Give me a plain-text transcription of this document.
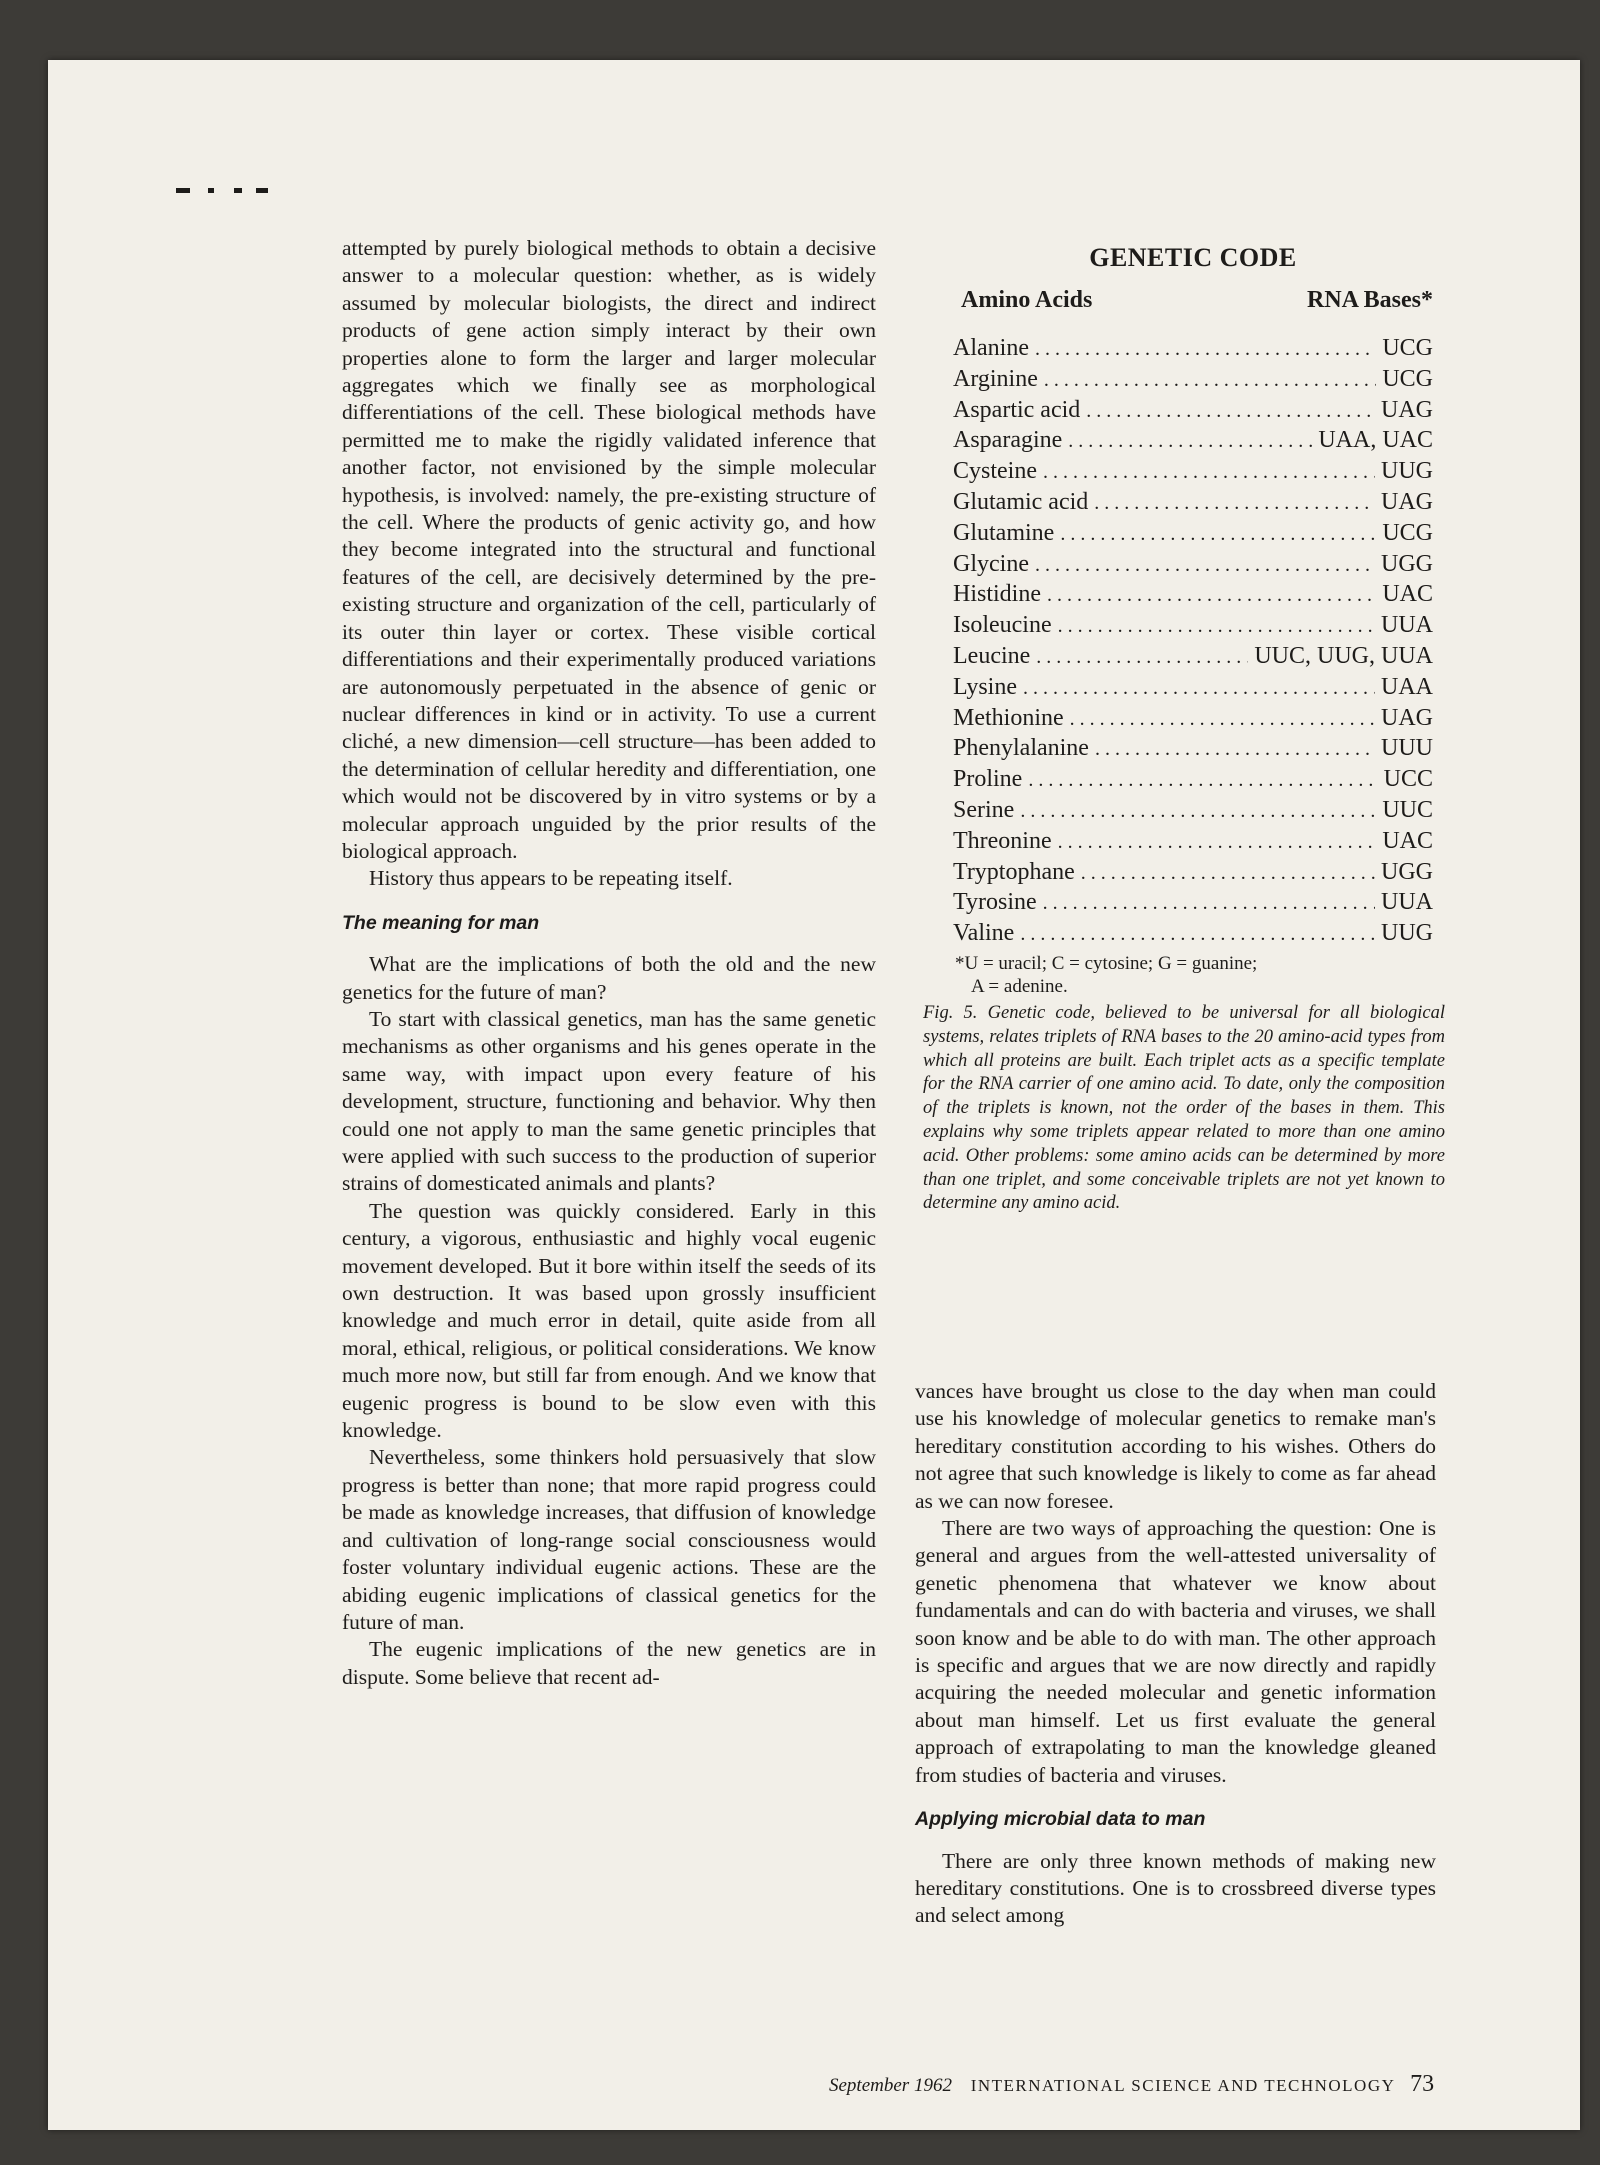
attempted by purely biological methods to obtain a decisive answer to a molecular question: whether, as is widely assumed by molecular biologists, the direct and indirect products of gene action simply interact by their own properties alone to form the larger and larger molecular aggregates which we finally see as morphological differentiations of the cell. These biological methods have permitted me to make the rigidly validated inference that another factor, not envisioned by the simple molecular hypothesis, is involved: namely, the pre-existing structure of the cell. Where the products of genic activity go, and how they become integrated into the structural and functional features of the cell, are decisively determined by the pre-existing structure and organization of the cell, particularly of its outer thin layer or cortex. These visible cortical differentiations and their experimentally produced variations are autonomously perpetuated in the absence of genic or nuclear differences in kind or in activity. To use a current cliché, a new dimension—cell structure—has been added to the determination of cellular heredity and differentiation, one which would not be discovered by in vitro systems or by a molecular approach unguided by the prior results of the biological approach.

History thus appears to be repeating itself.

The meaning for man

What are the implications of both the old and the new genetics for the future of man?

To start with classical genetics, man has the same genetic mechanisms as other organisms and his genes operate in the same way, with impact upon every feature of his development, structure, functioning and behavior. Why then could one not apply to man the same genetic principles that were applied with such success to the production of superior strains of domesticated animals and plants?

The question was quickly considered. Early in this century, a vigorous, enthusiastic and highly vocal eugenic movement developed. But it bore within itself the seeds of its own destruction. It was based upon grossly insufficient knowledge and much error in detail, quite aside from all moral, ethical, religious, or political considerations. We know much more now, but still far from enough. And we know that eugenic progress is bound to be slow even with this knowledge.

Nevertheless, some thinkers hold persuasively that slow progress is better than none; that more rapid progress could be made as knowledge increases, that diffusion of knowledge and cultivation of long-range social consciousness would foster voluntary individual eugenic actions. These are the abiding eugenic implications of classical genetics for the future of man.

The eugenic implications of the new genetics are in dispute. Some believe that recent ad-

GENETIC CODE
Amino Acids	RNA Bases*
Alanine . . .	UCG
Arginine . . .	UCG
Aspartic acid . . .	UAG
Asparagine . . .	UAA, UAC
Cysteine . . .	UUG
Glutamic acid . . .	UAG
Glutamine . . .	UCG
Glycine . . .	UGG
Histidine . . .	UAC
Isoleucine . . .	UUA
Leucine . . .	UUC, UUG, UUA
Lysine . . .	UAA
Methionine . . .	UAG
Phenylalanine . . .	UUU
Proline . . .	UCC
Serine . . .	UUC
Threonine . . .	UAC
Tryptophane . . .	UGG
Tyrosine . . .	UUA
Valine . . .	UUG
*U = uracil; C = cytosine; G = guanine;
A = adenine.
Fig. 5. Genetic code, believed to be universal for all biological systems, relates triplets of RNA bases to the 20 amino-acid types from which all proteins are built. Each triplet acts as a specific template for the RNA carrier of one amino acid. To date, only the composition of the triplets is known, not the order of the bases in them. This explains why some triplets appear related to more than one amino acid. Other problems: some amino acids can be determined by more than one triplet, and some conceivable triplets are not yet known to determine any amino acid.

vances have brought us close to the day when man could use his knowledge of molecular genetics to remake man's hereditary constitution according to his wishes. Others do not agree that such knowledge is likely to come as far ahead as we can now foresee.

There are two ways of approaching the question: One is general and argues from the well-attested universality of genetic phenomena that whatever we know about fundamentals and can do with bacteria and viruses, we shall soon know and be able to do with man. The other approach is specific and argues that we are now directly and rapidly acquiring the needed molecular and genetic information about man himself. Let us first evaluate the general approach of extrapolating to man the knowledge gleaned from studies of bacteria and viruses.

Applying microbial data to man

There are only three known methods of making new hereditary constitutions. One is to crossbreed diverse types and select among

September 1962 INTERNATIONAL SCIENCE AND TECHNOLOGY 73
